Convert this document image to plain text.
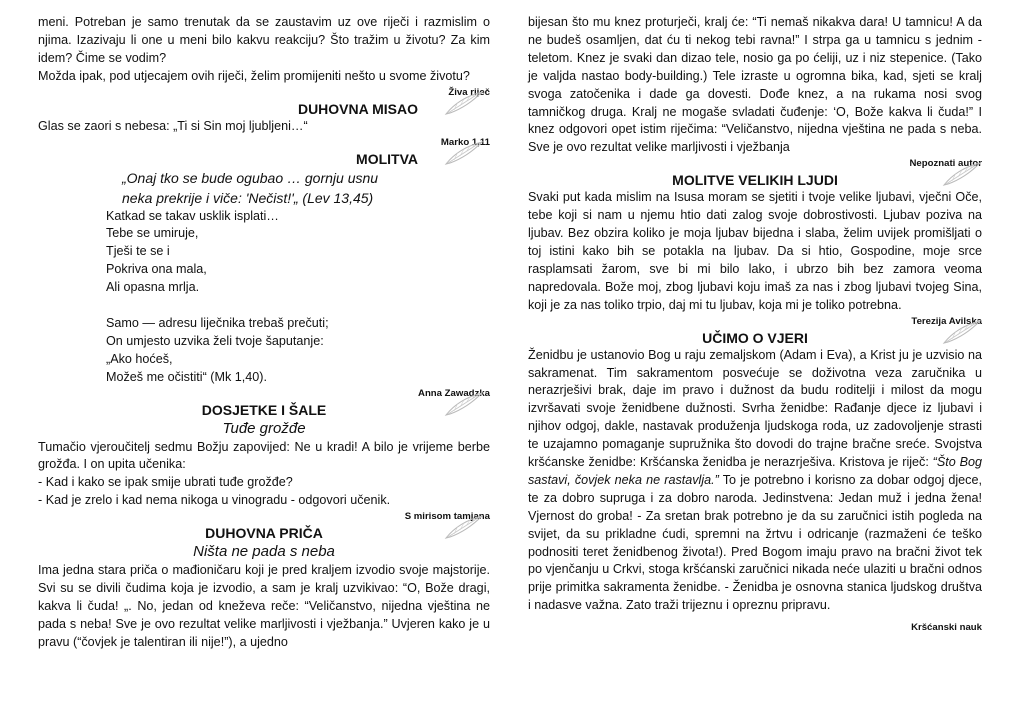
meni. Potreban je samo trenutak da se zaustavim uz ove riječi i razmislim o njima. Izazivaju li one u meni bilo kakvu reakciju? Što tražim u životu? Za kim idem? Čime se vodim?

Možda ipak, pod utjecajem ovih riječi, želim promijeniti nešto u svome životu?

Živa riječ

DUHOVNA MISAO

Glas se zaori s nebesa: „Ti si Sin moj ljubljeni…“

Marko 1,11

MOLITVA

„Onaj tko se bude ogubao … gornju usnu

neka prekrije i viče: 'Nečist!'„ (Lev 13,45)

Katkad se takav usklik isplati…

Tebe se umiruje,

Tješi te se i

Pokriva ona mala,

Ali opasna mrlja.

Samo — adresu liječnika trebaš prečuti;

On umjesto uzvika želi tvoje šaputanje:

„Ako hoćeš,

Možeš me očistiti“ (Mk 1,40).

Anna Zawadzka

DOSJETKE I ŠALE

Tuđe grožđe

Tumačio vjeroučitelj sedmu Božju zapovijed: Ne u kradi! A bilo je vrijeme berbe grožđa. I on upita učenika:

- Kad i kako se ipak smije ubrati tuđe grožđe?

- Kad je zrelo i kad nema nikoga u vinogradu - odgovori učenik.

S mirisom tamjana

DUHOVNA PRIČA

Ništa ne pada s neba

Ima jedna stara priča o mađioničaru koji je pred kraljem izvodio svoje majstorije. Svi su se divili čudima koja je izvodio, a sam je kralj uzvikivao: “O, Bože dragi, kakva li čuda! „. No, jedan od kneževa reče: “Veličanstvo, nijedna vještina ne pada s neba! Sve je ovo rezultat velike marljivosti i vježbanja.” Uvjeren kako je u pravu (“čovjek je talentiran ili nije!”), a ujedno

bijesan što mu knez proturječi, kralj će: “Ti nemaš nikakva dara! U tamnicu! A da ne budeš osamljen, dat ću ti nekog tebi ravna!” I strpa ga u tamnicu s jednim - teletom. Knez je svaki dan dizao tele, nosio ga po ćeliji, uz i niz stepenice. (Tako je valjda nastao body-building.) Tele izraste u ogromna bika, kad, sjeti se kralj svoga zatočenika i dade ga dovesti. Dođe knez, a na rukama nosi svog tamničkog druga. Kralj ne mogaše svladati čuđenje: ‘O, Bože kakva li čuda!” I knez odgovori opet istim riječima: “Veličanstvo, nijedna vještina ne pada s neba. Sve je ovo rezultat velike marljivosti i vježbanja

Nepoznati autor

MOLITVE VELIKIH LJUDI

Svaki put kada mislim na Isusa moram se sjetiti i tvoje velike ljubavi, vječni Oče, tebe koji si nam u njemu htio dati zalog svoje dobrostivosti. Ljubav poziva na ljubav. Bez obzira koliko je moja ljubav bijedna i slaba, želim uvijek promišljati o toj istini kako bih se potakla na ljubav. Da si htio, Gospodine, moje srce rasplamsati žarom, sve bi mi bilo lako, i ubrzo bih bez zamora veoma napredovala. Bože moj, zbog ljubavi koju imaš za nas i zbog ljubavi tvojeg Sina, koji je za nas toliko trpio, daj mi tu ljubav, koja mi je toliko potrebna.

Terezija Avilska

UČIMO O VJERI

Ženidbu je ustanovio Bog u raju zemaljskom (Adam i Eva), a Krist ju je uzvisio na sakramenat. Tim sakramentom posvećuje se doživotna veza zaručnika u nerazrješivi brak, daje im pravo i dužnost da budu roditelji i milost da mogu izvršavati svoje ženidbene dužnosti. Svrha ženidbe: Rađanje djece iz ljubavi i njihov odgoj, dakle, nastavak produženja ljudskoga roda, uz zadovoljenje strasti te uzajamno pomaganje supružnika što dovodi do trajne bračne sreće. Svojstva kršćanske ženidbe: Kršćanska ženidba je nerazrješiva. Kristova je riječ: “Što Bog sastavi, čovjek neka ne rastavlja.” To je potrebno i korisno za dobar odgoj djece, te za dobro supruga i za dobro naroda. Jedinstvena: Jedan muž i jedna žena! Vjernost do groba! - Za sretan brak potrebno je da su zaručnici istih pogleda na svijet, da su prikladne ćudi, spremni na žrtvu i odricanje (razmaženi će teško podnositi teret ženidbenog života!). Pred Bogom imaju pravo na bračni život tek po vjenčanju u Crkvi, stoga kršćanski zaručnici nikada neće ulaziti u bračni odnos prije primitka sakramenta ženidbe. - Ženidba je osnovna stanica ljudskog društva i nadasve važna. Zato traži trijeznu i opreznu pripravu.

Kršćanski nauk
